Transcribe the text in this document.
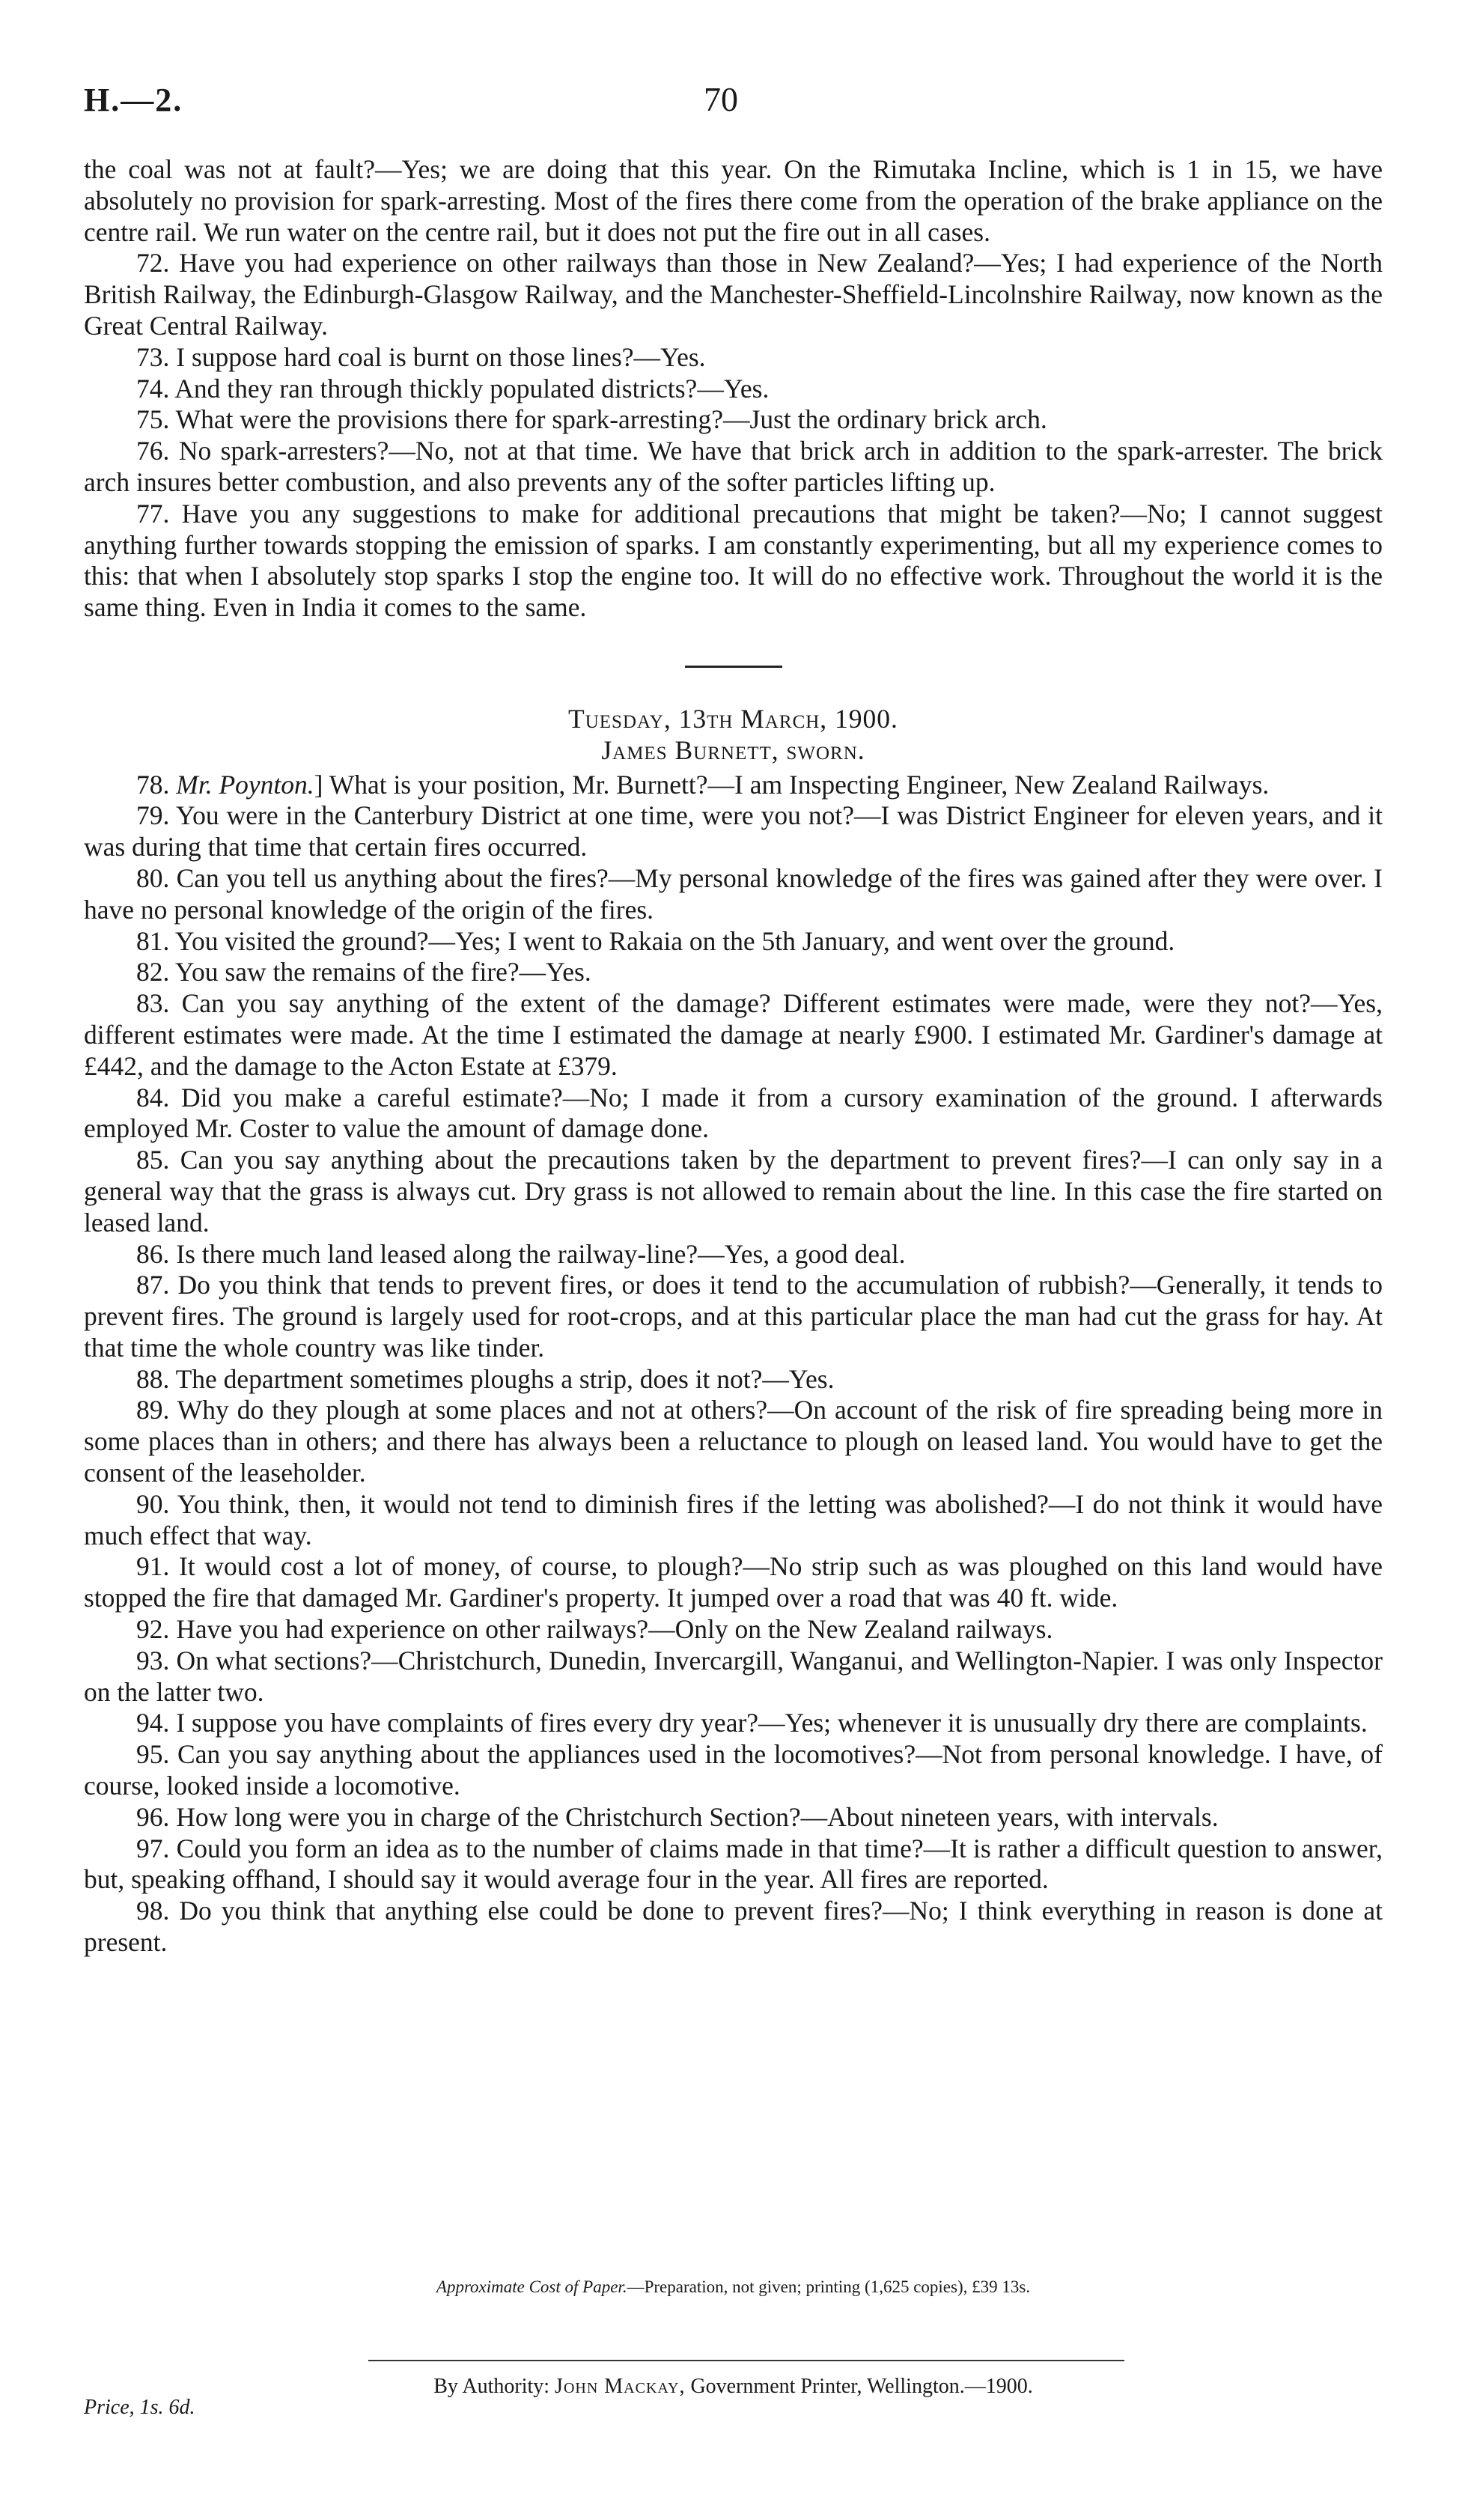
H.—2.	70

the coal was not at fault?—Yes; we are doing that this year. On the Rimutaka Incline, which is 1 in 15, we have absolutely no provision for spark-arresting. Most of the fires there come from the operation of the brake appliance on the centre rail. We run water on the centre rail, but it does not put the fire out in all cases.

72. Have you had experience on other railways than those in New Zealand?—Yes; I had experience of the North British Railway, the Edinburgh-Glasgow Railway, and the Manchester-Sheffield-Lincolnshire Railway, now known as the Great Central Railway.

73. I suppose hard coal is burnt on those lines?—Yes.

74. And they ran through thickly populated districts?—Yes.

75. What were the provisions there for spark-arresting?—Just the ordinary brick arch.

76. No spark-arresters?—No, not at that time. We have that brick arch in addition to the spark-arrester. The brick arch insures better combustion, and also prevents any of the softer particles lifting up.

77. Have you any suggestions to make for additional precautions that might be taken?—No; I cannot suggest anything further towards stopping the emission of sparks. I am constantly experimenting, but all my experience comes to this: that when I absolutely stop sparks I stop the engine too. It will do no effective work. Throughout the world it is the same thing. Even in India it comes to the same.

Tuesday, 13th March, 1900.

James Burnett, sworn.

78. Mr. Poynton.] What is your position, Mr. Burnett?—I am Inspecting Engineer, New Zealand Railways.

79. You were in the Canterbury District at one time, were you not?—I was District Engineer for eleven years, and it was during that time that certain fires occurred.

80. Can you tell us anything about the fires?—My personal knowledge of the fires was gained after they were over. I have no personal knowledge of the origin of the fires.

81. You visited the ground?—Yes; I went to Rakaia on the 5th January, and went over the ground.

82. You saw the remains of the fire?—Yes.

83. Can you say anything of the extent of the damage? Different estimates were made, were they not?—Yes, different estimates were made. At the time I estimated the damage at nearly £900. I estimated Mr. Gardiner's damage at £442, and the damage to the Acton Estate at £379.

84. Did you make a careful estimate?—No; I made it from a cursory examination of the ground. I afterwards employed Mr. Coster to value the amount of damage done.

85. Can you say anything about the precautions taken by the department to prevent fires?—I can only say in a general way that the grass is always cut. Dry grass is not allowed to remain about the line. In this case the fire started on leased land.

86. Is there much land leased along the railway-line?—Yes, a good deal.

87. Do you think that tends to prevent fires, or does it tend to the accumulation of rubbish?—Generally, it tends to prevent fires. The ground is largely used for root-crops, and at this particular place the man had cut the grass for hay. At that time the whole country was like tinder.

88. The department sometimes ploughs a strip, does it not?—Yes.

89. Why do they plough at some places and not at others?—On account of the risk of fire spreading being more in some places than in others; and there has always been a reluctance to plough on leased land. You would have to get the consent of the leaseholder.

90. You think, then, it would not tend to diminish fires if the letting was abolished?—I do not think it would have much effect that way.

91. It would cost a lot of money, of course, to plough?—No strip such as was ploughed on this land would have stopped the fire that damaged Mr. Gardiner's property. It jumped over a road that was 40 ft. wide.

92. Have you had experience on other railways?—Only on the New Zealand railways.

93. On what sections?—Christchurch, Dunedin, Invercargill, Wanganui, and Wellington-Napier. I was only Inspector on the latter two.

94. I suppose you have complaints of fires every dry year?—Yes; whenever it is unusually dry there are complaints.

95. Can you say anything about the appliances used in the locomotives?—Not from personal knowledge. I have, of course, looked inside a locomotive.

96. How long were you in charge of the Christchurch Section?—About nineteen years, with intervals.

97. Could you form an idea as to the number of claims made in that time?—It is rather a difficult question to answer, but, speaking offhand, I should say it would average four in the year. All fires are reported.

98. Do you think that anything else could be done to prevent fires?—No; I think everything in reason is done at present.

Approximate Cost of Paper.—Preparation, not given; printing (1,625 copies), £39 13s.
By Authority: John Mackay, Government Printer, Wellington.—1900.
Price, 1s. 6d.
